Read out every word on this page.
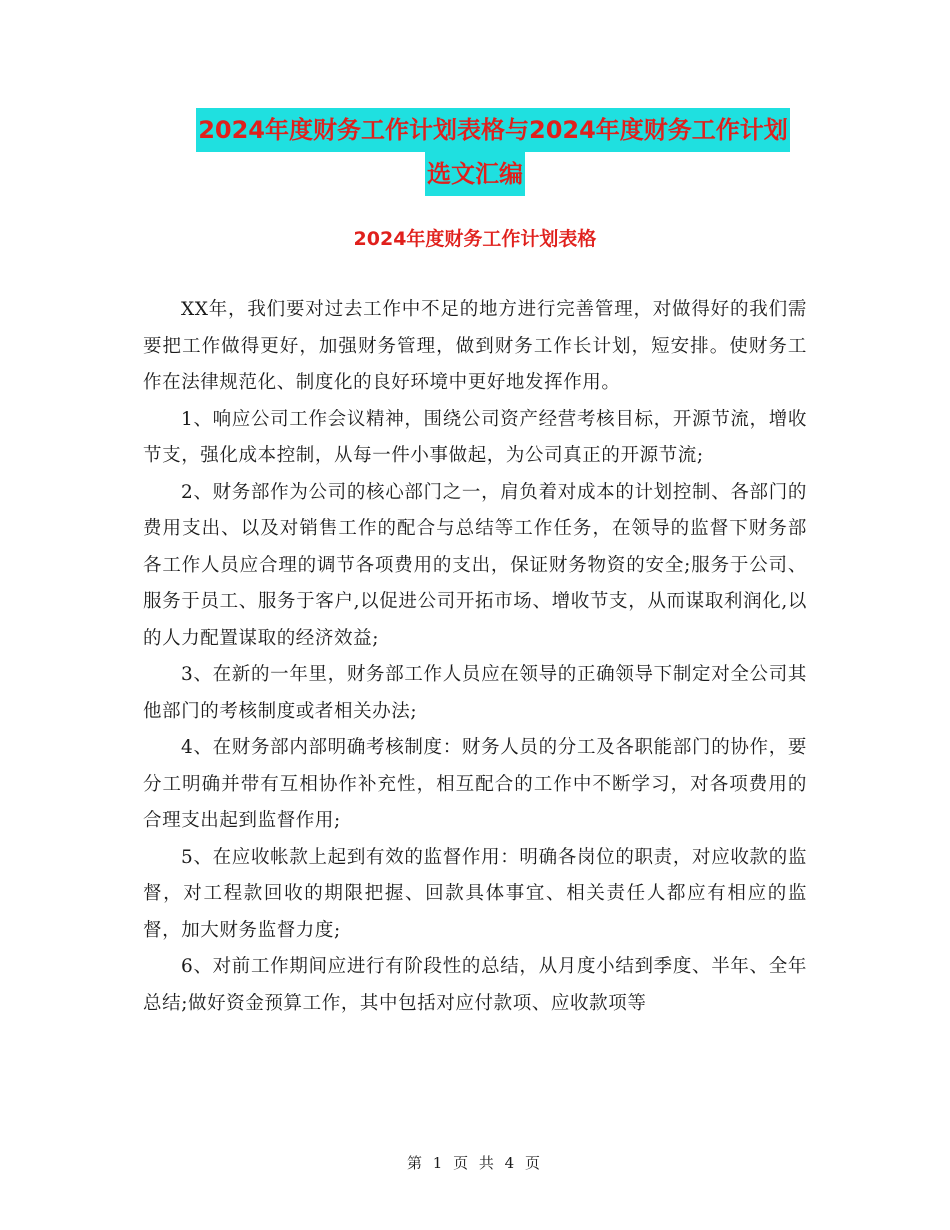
2024年度财务工作计划表格与2024年度财务工作计划
选文汇编
2024年度财务工作计划表格

XX年，我们要对过去工作中不足的地方进行完善管理，对做得好的我们需要把工作做得更好，加强财务管理，做到财务工作长计划，短安排。使财务工作在法律规范化、制度化的良好环境中更好地发挥作用。

1、响应公司工作会议精神，围绕公司资产经营考核目标，开源节流，增收节支，强化成本控制，从每一件小事做起，为公司真正的开源节流;

2、财务部作为公司的核心部门之一，肩负着对成本的计划控制、各部门的费用支出、以及对销售工作的配合与总结等工作任务，在领导的监督下财务部各工作人员应合理的调节各项费用的支出，保证财务物资的安全;服务于公司、服务于员工、服务于客户,以促进公司开拓市场、增收节支，从而谋取利润化,以的人力配置谋取的经济效益;

3、在新的一年里，财务部工作人员应在领导的正确领导下制定对全公司其他部门的考核制度或者相关办法;

4、在财务部内部明确考核制度：财务人员的分工及各职能部门的协作，要分工明确并带有互相协作补充性，相互配合的工作中不断学习，对各项费用的合理支出起到监督作用;

5、在应收帐款上起到有效的监督作用：明确各岗位的职责，对应收款的监督，对工程款回收的期限把握、回款具体事宜、相关责任人都应有相应的监督，加大财务监督力度;

6、对前工作期间应进行有阶段性的总结，从月度小结到季度、半年、全年总结;做好资金预算工作，其中包括对应付款项、应收款项等

第 1 页 共 4 页
